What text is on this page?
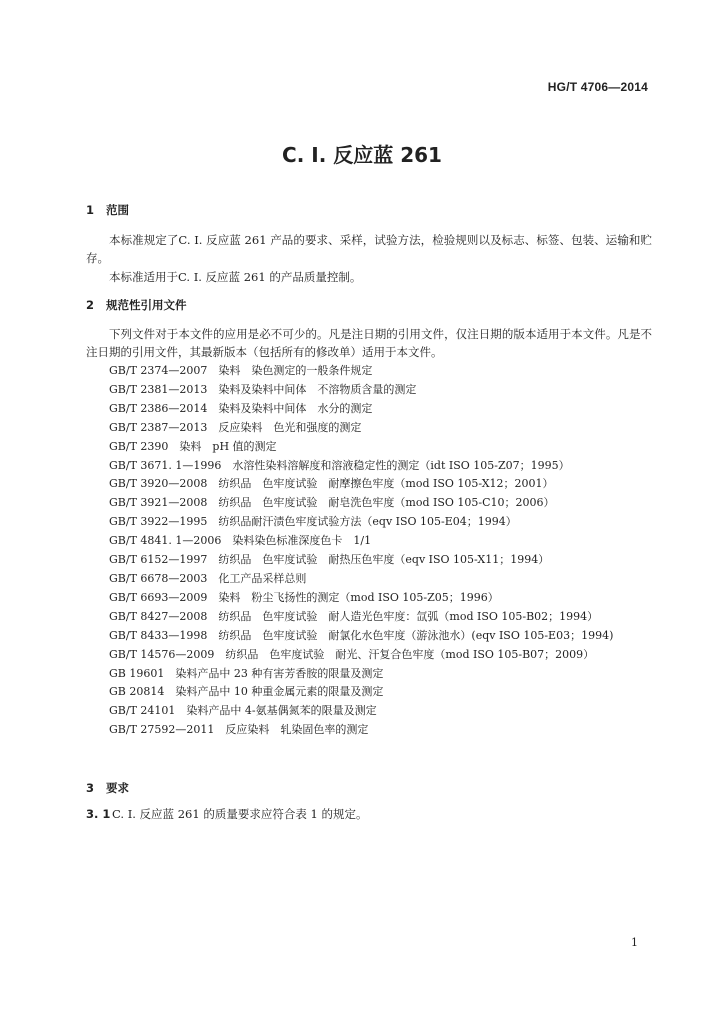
HG/T 4706—2014
C. I. 反应蓝 261
1 范围

本标准规定了C. I. 反应蓝 261 产品的要求、采样，试验方法，检验规则以及标志、标签、包装、运输和贮存。

本标准适用于C. I. 反应蓝 261 的产品质量控制。

2 规范性引用文件

下列文件对于本文件的应用是必不可少的。凡是注日期的引用文件，仅注日期的版本适用于本文件。凡是不注日期的引用文件，其最新版本（包括所有的修改单）适用于本文件。

GB/T 2374—2007　染料　染色测定的一般条件规定
GB/T 2381—2013　染料及染料中间体　不溶物质含量的测定
GB/T 2386—2014　染料及染料中间体　水分的测定
GB/T 2387—2013　反应染料　色光和强度的测定
GB/T 2390　染料　pH 值的测定
GB/T 3671. 1—1996　水溶性染料溶解度和溶液稳定性的测定（idt ISO 105-Z07；1995）
GB/T 3920—2008　纺织品　色牢度试验　耐摩擦色牢度（mod ISO 105-X12；2001）
GB/T 3921—2008　纺织品　色牢度试验　耐皂洗色牢度（mod ISO 105-C10；2006）
GB/T 3922—1995　纺织品耐汗渍色牢度试验方法（eqv ISO 105-E04；1994）
GB/T 4841. 1—2006　染料染色标准深度色卡　1/1
GB/T 6152—1997　纺织品　色牢度试验　耐热压色牢度（eqv ISO 105-X11；1994）
GB/T 6678—2003　化工产品采样总则
GB/T 6693—2009　染料　粉尘飞扬性的测定（mod ISO 105-Z05；1996）
GB/T 8427—2008　纺织品　色牢度试验　耐人造光色牢度：氙弧（mod ISO 105-B02；1994）
GB/T 8433—1998　纺织品　色牢度试验　耐氯化水色牢度（游泳池水）(eqv ISO 105-E03；1994)
GB/T 14576—2009　纺织品　色牢度试验　耐光、汗复合色牢度（mod ISO 105-B07；2009）
GB 19601　染料产品中 23 种有害芳香胺的限量及测定
GB 20814　染料产品中 10 种重金属元素的限量及测定
GB/T 24101　染料产品中 4-氨基偶氮苯的限量及测定
GB/T 27592—2011　反应染料　轧染固色率的测定
3 要求
3. 1 C. I. 反应蓝 261 的质量要求应符合表 1 的规定。
1
